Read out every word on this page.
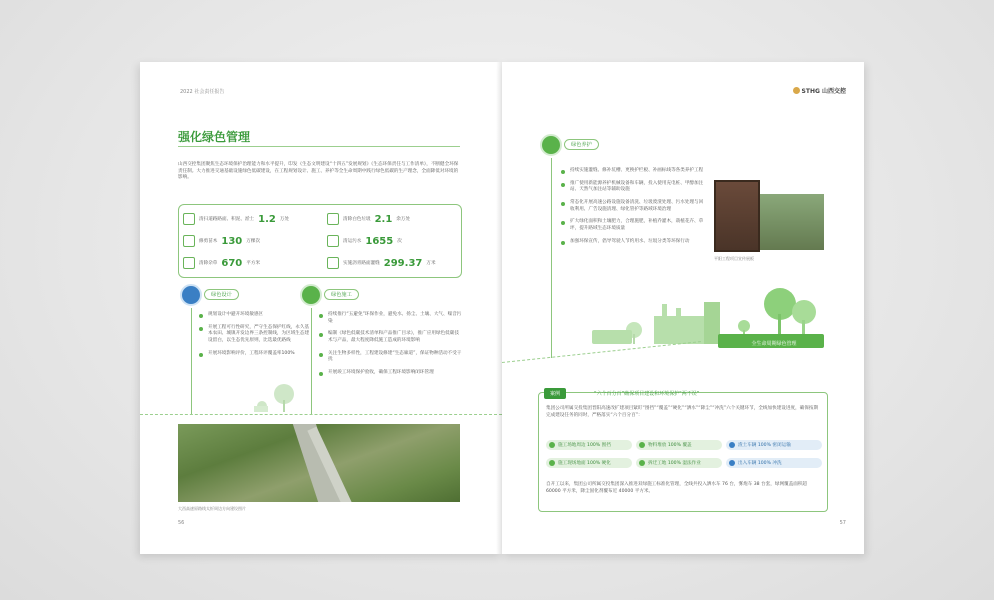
2022 社会责任报告
强化绿色管理
山西交控集团聚焦生态环境保护治理能力和水平提升，印发《生态文明建设“十四五”发展规划》《生态环保责任与工作清单》，不断健全环保责任制。大力推进交通基础设施绿色低碳建设，在工程规划设计、施工、养护等全生命周期中践行绿色低碳的生产理念，全面降低对环境的影响。
清扫道路路面、积泥、淤土 1.2 万处	清除白色垃圾 2.1 余万处
修剪苗木 130 万棵次	清运污水 1655 次
清除杂草 670 平方米	实施沥青路面灌缝 299.37 万米
绿色设计
规划设计中避开环境敏感区
开展工程可行性研究，严守生态保护红线，永久基本农田、城镇开发边界三条控制线，为区域生态建设留白，以生态优先原则，比选最优路线
开展环境影响评价，工程环评覆盖率100%
绿色施工
持续推行“五避免”环保作业，避免水、扬尘、土壤、大气、噪音污染
编制《绿色低碳技术清单和产品推广目录》，推广应用绿色低碳技术与产品，最大程度降低施工造成的环境影响
关注生物多样性，工程建设修建“生态廊道”，保证物种活动不受干扰
开展竣工环境保护验收，确保工程环境影响闭环管理
大西高速原路线太忻周边方向建设图片
56
STHG 山西交控
绿色养护
持续实施灌缝、修补坑槽、更换护栏板、补画标线等各类养护工程
推广使用新能源养护机械设备和车辆，投入使用充电桩、甲醇加注站、天然气加注站等辅助设施
常态化开展高速公路设施设备清洗、垃圾废渣处理、污水处理与回收利用、广告设施清理、绿化管护等路域环境治理
扩大绿化面积和土壤肥力，合理施肥，补植乔灌木，栽植花卉、草坪，提升路域生态环境质量
加强环保宣传，倡导驾驶人节约用水、垃圾分类等环保行动
平阳工程项目宣传展板
全生命周期绿色管理
案例	“六个百分百”确保项目建设和环境保护“两不误”
集团公司所属交投集团晋阳高速改扩建项目紧盯“围挡”“覆盖”“硬化”“洒水”“降尘”“冲洗”六个关键环节，全线加快建设进度，确保按期完成建设任务的同时，严格落实“六个百分百”：
施工场地周边 100% 围挡	物料堆放 100% 覆盖	渣土车辆 100% 密闭运输
施工现场地面 100% 硬化	拆迁工地 100% 湿法作业	出入车辆 100% 冲洗
自开工以来，集团公司所属交投集团深入推进双绿施工标准化管理，全线共投入洒水车 76 台，雾炮车 38 台套，绿网覆盖面积超 60000 平方米，降尘固化剂覆布近 40000 平方米。
57
